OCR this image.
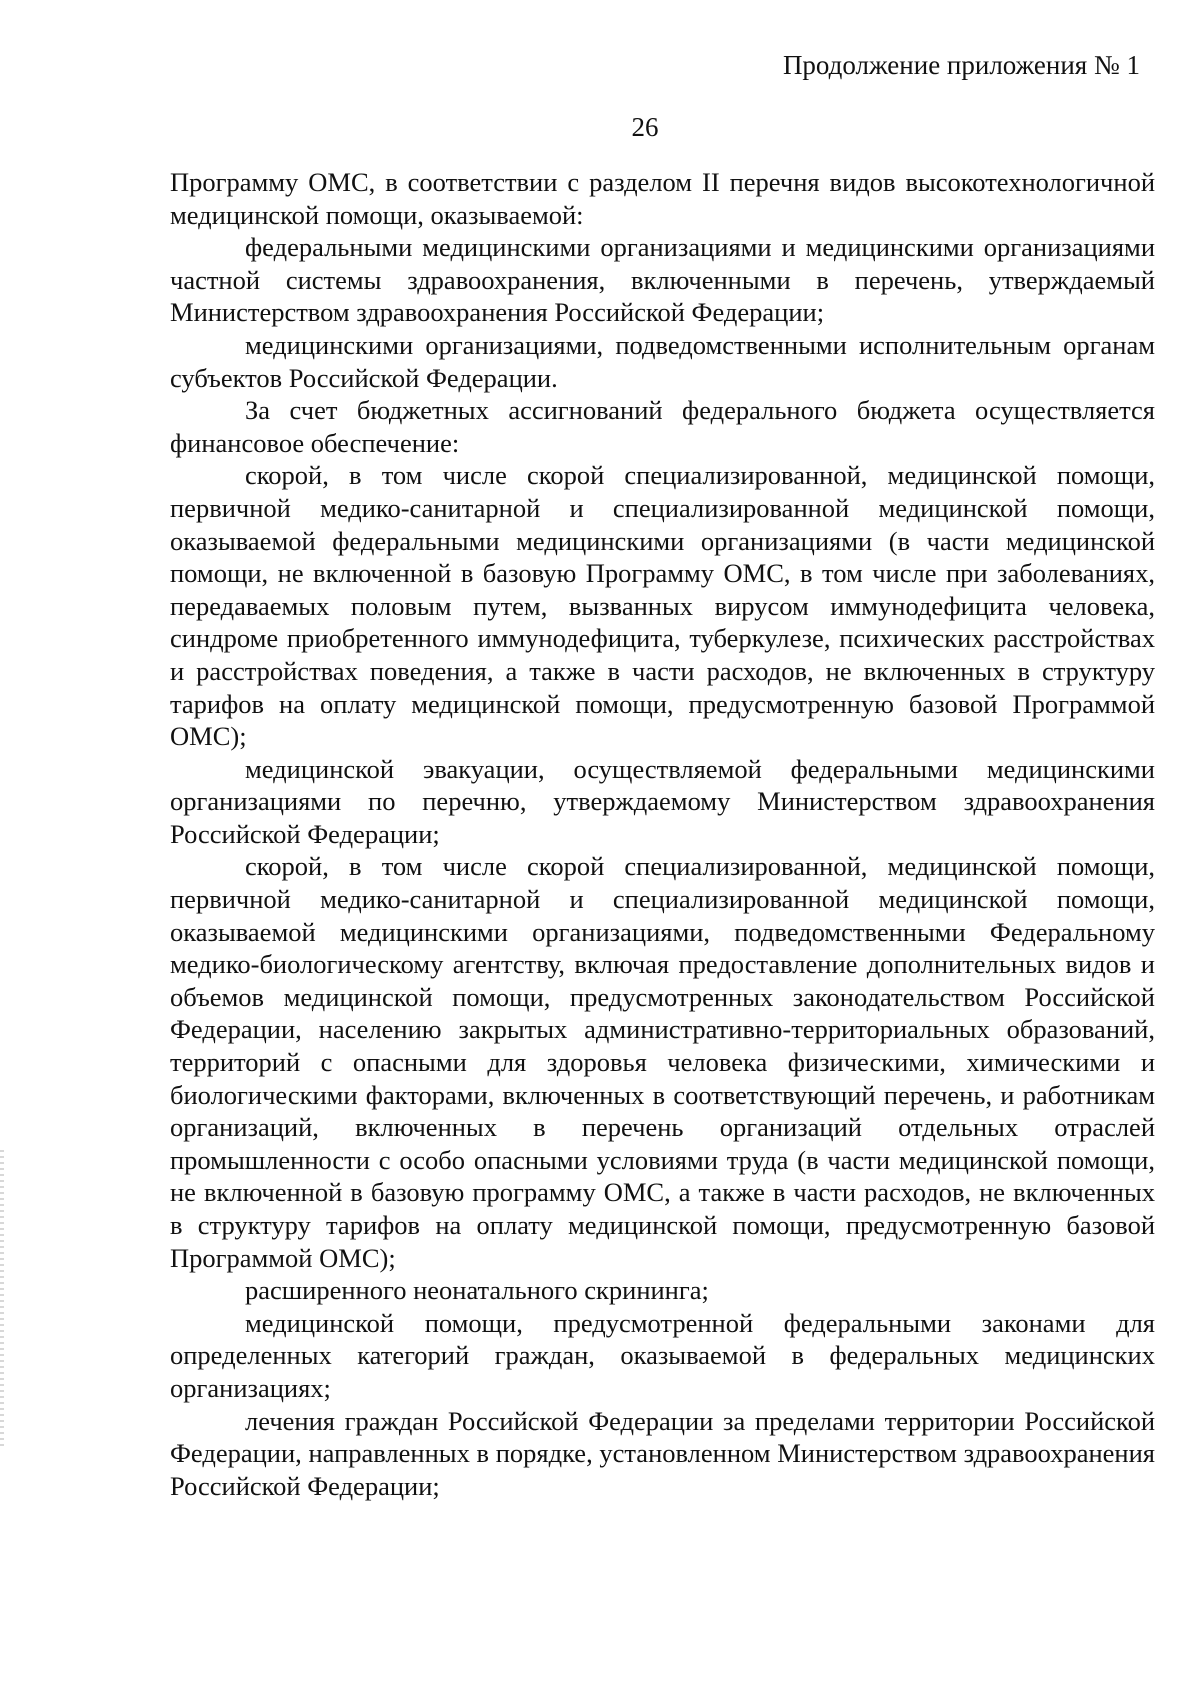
Продолжение приложения № 1
26

Программу ОМС, в соответствии с разделом II перечня видов высокотехнологичной медицинской помощи, оказываемой:

федеральными медицинскими организациями и медицинскими организациями частной системы здравоохранения, включенными в перечень, утверждаемый Министерством здравоохранения Российской Федерации;

медицинскими организациями, подведомственными исполнительным органам субъектов Российской Федерации.

За счет бюджетных ассигнований федерального бюджета осуществляется финансовое обеспечение:

скорой, в том числе скорой специализированной, медицинской помощи, первичной медико-санитарной и специализированной медицинской помощи, оказываемой федеральными медицинскими организациями (в части медицинской помощи, не включенной в базовую Программу ОМС, в том числе при заболеваниях, передаваемых половым путем, вызванных вирусом иммунодефицита человека, синдроме приобретенного иммунодефицита, туберкулезе, психических расстройствах и расстройствах поведения, а также в части расходов, не включенных в структуру тарифов на оплату медицинской помощи, предусмотренную базовой Программой ОМС);

медицинской эвакуации, осуществляемой федеральными медицинскими организациями по перечню, утверждаемому Министерством здравоохранения Российской Федерации;

скорой, в том числе скорой специализированной, медицинской помощи, первичной медико-санитарной и специализированной медицинской помощи, оказываемой медицинскими организациями, подведомственными Федеральному медико-биологическому агентству, включая предоставление дополнительных видов и объемов медицинской помощи, предусмотренных законодательством Российской Федерации, населению закрытых административно-территориальных образований, территорий с опасными для здоровья человека физическими, химическими и биологическими факторами, включенных в соответствующий перечень, и работникам организаций, включенных в перечень организаций отдельных отраслей промышленности с особо опасными условиями труда (в части медицинской помощи, не включенной в базовую программу ОМС, а также в части расходов, не включенных в структуру тарифов на оплату медицинской помощи, предусмотренную базовой Программой ОМС);

расширенного неонатального скрининга;

медицинской помощи, предусмотренной федеральными законами для определенных категорий граждан, оказываемой в федеральных медицинских организациях;

лечения граждан Российской Федерации за пределами территории Российской Федерации, направленных в порядке, установленном Министерством здравоохранения Российской Федерации;
